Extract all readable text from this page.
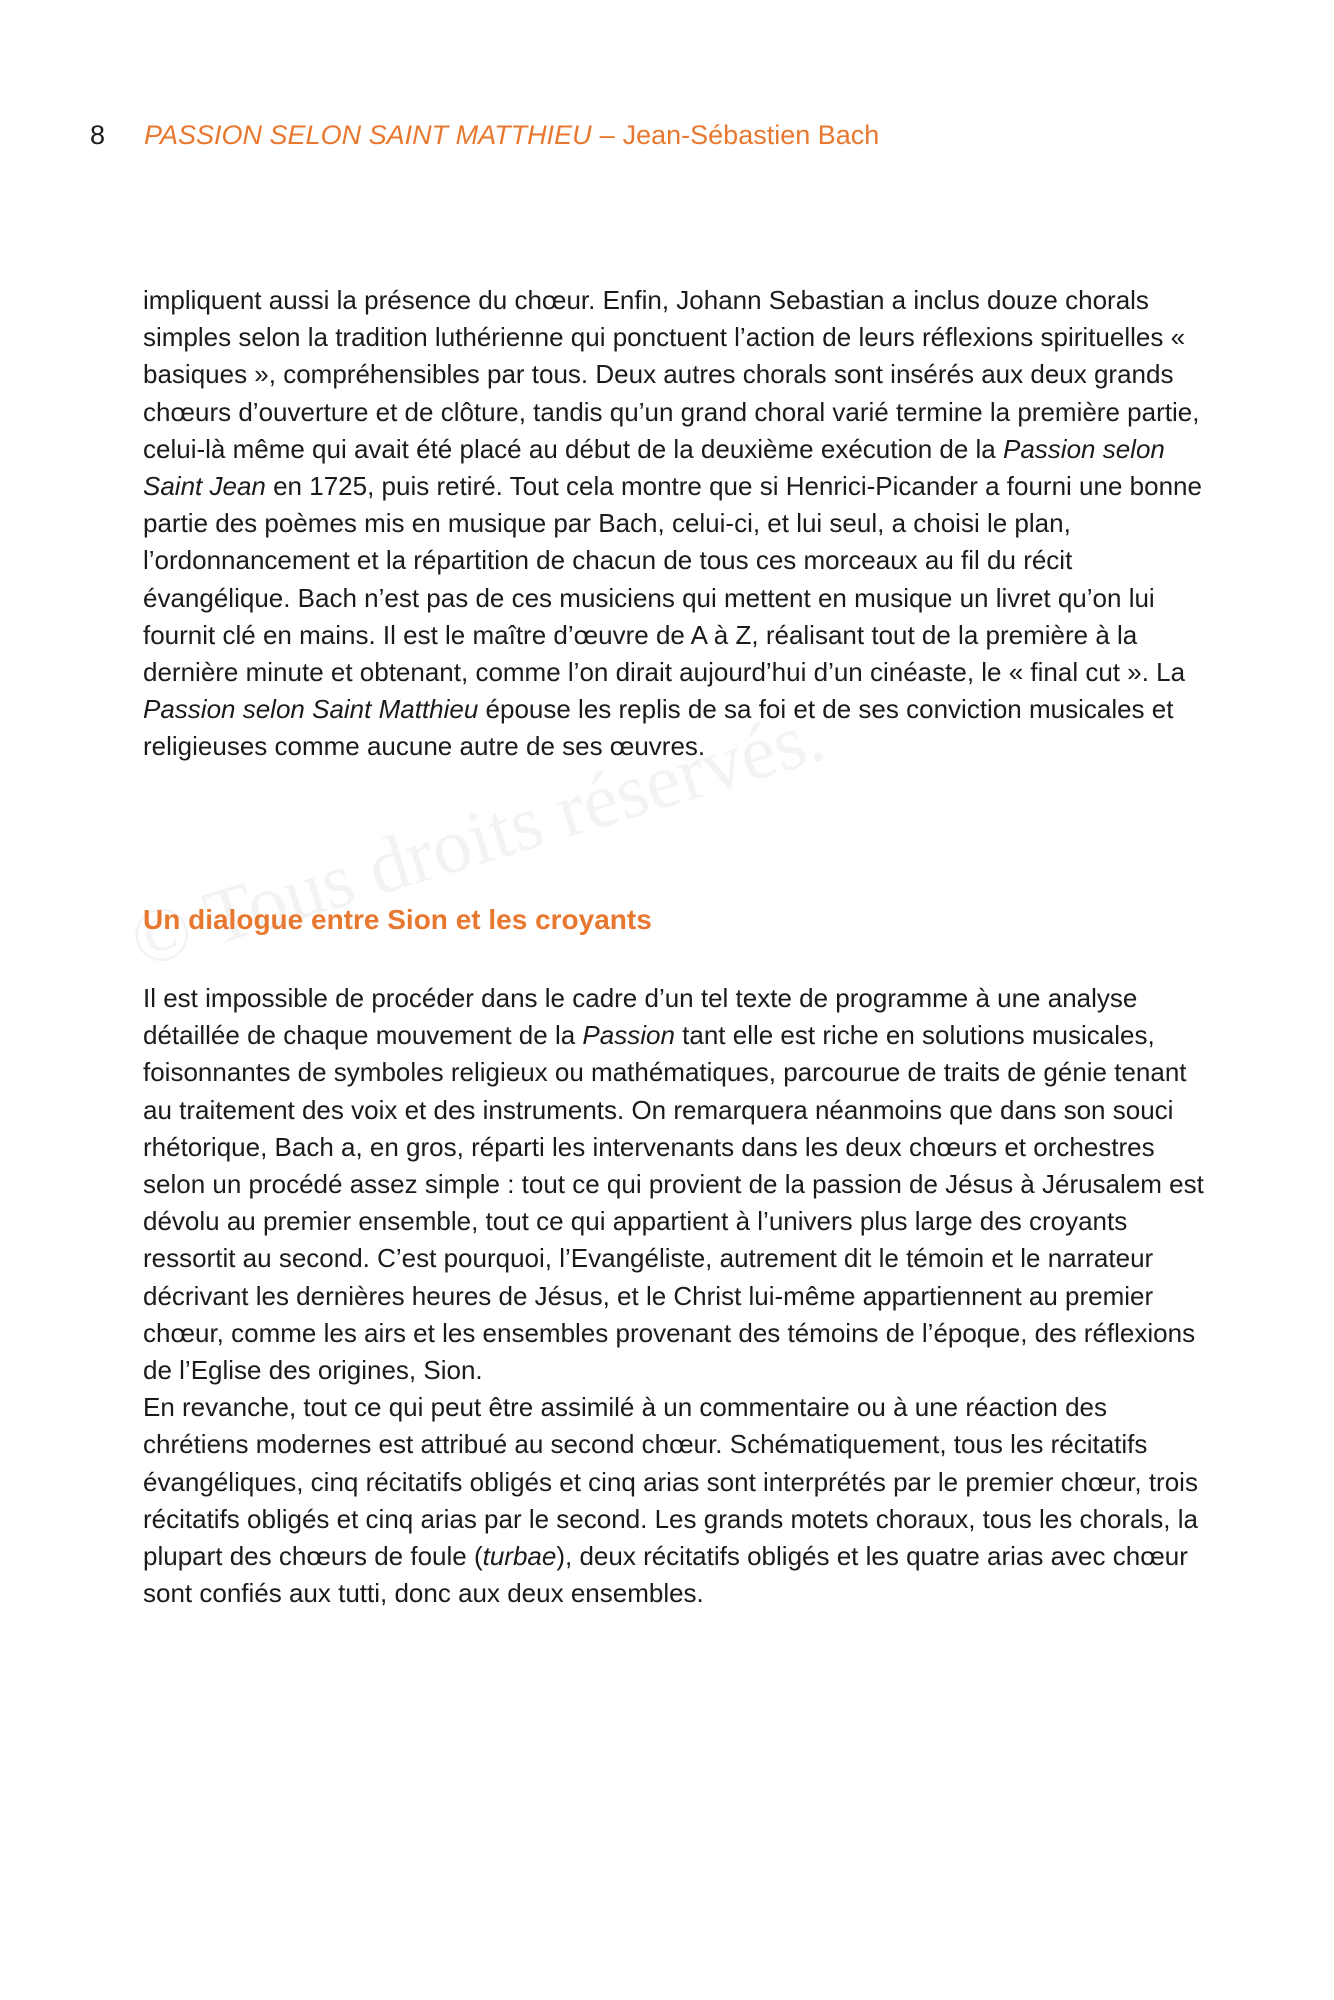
8 PASSION SELON SAINT MATTHIEU – Jean-Sébastien Bach

impliquent aussi la présence du chœur. Enfin, Johann Sebastian a inclus douze chorals simples selon la tradition luthérienne qui ponctuent l’action de leurs réflexions spirituelles « basiques », compréhensibles par tous. Deux autres chorals sont insérés aux deux grands chœurs d’ouverture et de clôture, tandis qu’un grand choral varié termine la première partie, celui-là même qui avait été placé au début de la deuxième exécution de la Passion selon Saint Jean en 1725, puis retiré. Tout cela montre que si Henrici-Picander a fourni une bonne partie des poèmes mis en musique par Bach, celui-ci, et lui seul, a choisi le plan, l’ordonnancement et la répartition de chacun de tous ces morceaux au fil du récit évangélique. Bach n’est pas de ces musiciens qui mettent en musique un livret qu’on lui fournit clé en mains. Il est le maître d’œuvre de A à Z, réalisant tout de la première à la dernière minute et obtenant, comme l’on dirait aujourd’hui d’un cinéaste, le « final cut ». La Passion selon Saint Matthieu épouse les replis de sa foi et de ses conviction musicales et religieuses comme aucune autre de ses œuvres.

Un dialogue entre Sion et les croyants

Il est impossible de procéder dans le cadre d’un tel texte de programme à une analyse détaillée de chaque mouvement de la Passion tant elle est riche en solutions musicales, foisonnantes de symboles religieux ou mathématiques, parcourue de traits de génie tenant au traitement des voix et des instruments. On remarquera néanmoins que dans son souci rhétorique, Bach a, en gros, réparti les intervenants dans les deux chœurs et orchestres selon un procédé assez simple : tout ce qui provient de la passion de Jésus à Jérusalem est dévolu au premier ensemble, tout ce qui appartient à l’univers plus large des croyants ressortit au second. C’est pourquoi, l’Evangéliste, autrement dit le témoin et le narrateur décrivant les dernières heures de Jésus, et le Christ lui-même appartiennent au premier chœur, comme les airs et les ensembles provenant des témoins de l’époque, des réflexions de l’Eglise des origines, Sion.

En revanche, tout ce qui peut être assimilé à un commentaire ou à une réaction des chrétiens modernes est attribué au second chœur. Schématiquement, tous les récitatifs évangéliques, cinq récitatifs obligés et cinq arias sont interprétés par le premier chœur, trois récitatifs obligés et cinq arias par le second. Les grands motets choraux, tous les chorals, la plupart des chœurs de foule (turbae), deux récitatifs obligés et les quatre arias avec chœur sont confiés aux tutti, donc aux deux ensembles.
